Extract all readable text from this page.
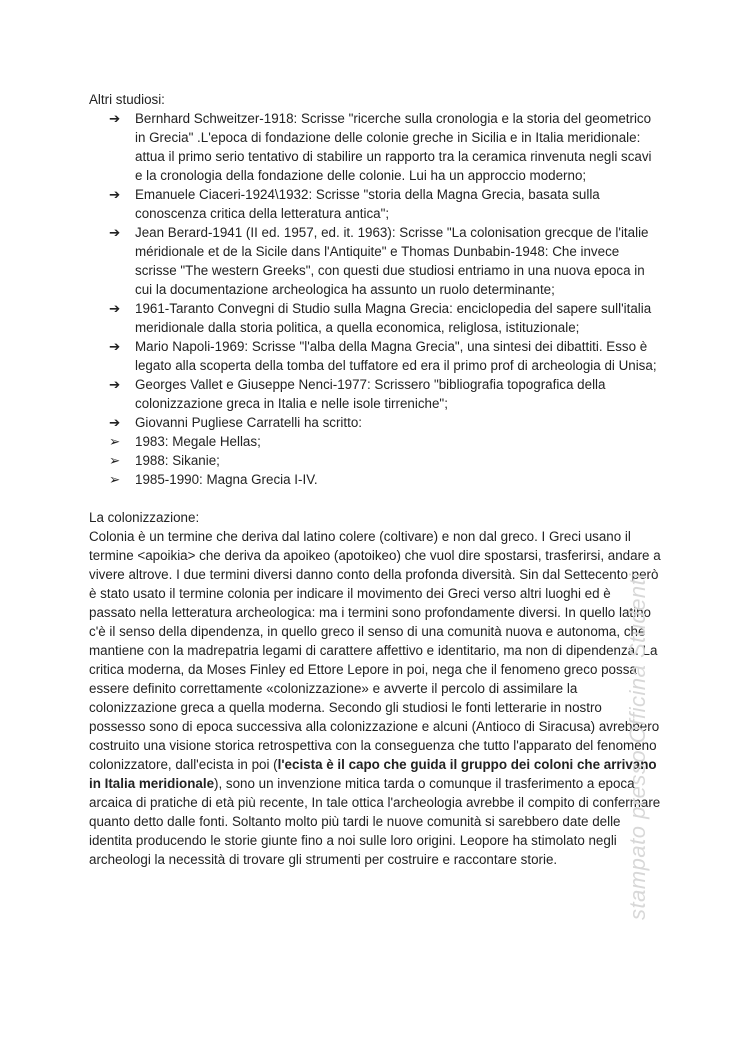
Altri studiosi:

➔	Bernhard Schweitzer-1918: Scrisse "ricerche sulla cronologia e la storia del geometrico in Grecia" .L'epoca di fondazione delle colonie greche in Sicilia e in Italia meridionale: attua il primo serio tentativo di stabilire un rapporto tra la ceramica rinvenuta negli scavi e la cronologia della fondazione delle colonie. Lui ha un approccio moderno;
➔	Emanuele Ciaceri-1924\1932: Scrisse "storia della Magna Grecia, basata sulla conoscenza critica della letteratura antica";
➔	Jean Berard-1941 (II ed. 1957, ed. it. 1963): Scrisse "La colonisation grecque de l'italie méridionale et de la Sicile dans l'Antiquite" e Thomas Dunbabin-1948: Che invece scrisse "The western Greeks", con questi due studiosi entriamo in una nuova epoca in cui la documentazione archeologica ha assunto un ruolo determinante;
➔	1961-Taranto Convegni di Studio sulla Magna Grecia: enciclopedia del sapere sull'italia meridionale dalla storia politica, a quella economica, religlosa, istituzionale;
➔	Mario Napoli-1969: Scrisse "l'alba della Magna Grecia", una sintesi dei dibattiti. Esso è legato alla scoperta della tomba del tuffatore ed era il primo prof di archeologia di Unisa;
➔	Georges Vallet e Giuseppe Nenci-1977: Scrissero "bibliografia topografica della colonizzazione greca in Italia e nelle isole tirreniche";
➔	Giovanni Pugliese Carratelli ha scritto:
➢	1983: Megale Hellas;
➢	1988: Sikanie;
➢	1985-1990: Magna Grecia I-IV.

La colonizzazione:

Colonia è un termine che deriva dal latino colere (coltivare) e non dal greco. I Greci usano il termine <apoikia> che deriva da apoikeo (apotoikeo) che vuol dire spostarsi, trasferirsi, andare a vivere altrove. I due termini diversi danno conto della profonda diversità. Sin dal Settecento però è stato usato il termine colonia per indicare il movimento dei Greci verso altri luoghi ed è passato nella letteratura archeologica: ma i termini sono profondamente diversi. In quello latino c'è il senso della dipendenza, in quello greco il senso di una comunità nuova e autonoma, che mantiene con la madrepatria legami di carattere affettivo e identitario, ma non di dipendenza. La critica moderna, da Moses Finley ed Ettore Lepore in poi, nega che il fenomeno greco possa essere definito correttamente «colonizzazione» e avverte il percolo di assimilare la colonizzazione greca a quella moderna. Secondo gli studiosi le fonti letterarie in nostro possesso sono di epoca successiva alla colonizzazione e alcuni (Antioco di Siracusa) avrebbero costruito una visione storica retrospettiva con la conseguenza che tutto l'apparato del fenomeno colonizzatore, dall'ecista in poi (l'ecista è il capo che guida il gruppo dei coloni che arrivano in Italia meridionale), sono un invenzione mitica tarda o comunque il trasferimento a epoca arcaica di pratiche di età più recente, In tale ottica l'archeologia avrebbe il compito di confermare quanto detto dalle fonti. Soltanto molto più tardi le nuove comunità si sarebbero date delle identita producendo le storie giunte fino a noi sulle loro origini. Leopore ha stimolato negli archeologi la necessità di trovare gli strumenti per costruire e raccontare storie.	stampato presso Officina Studenti
